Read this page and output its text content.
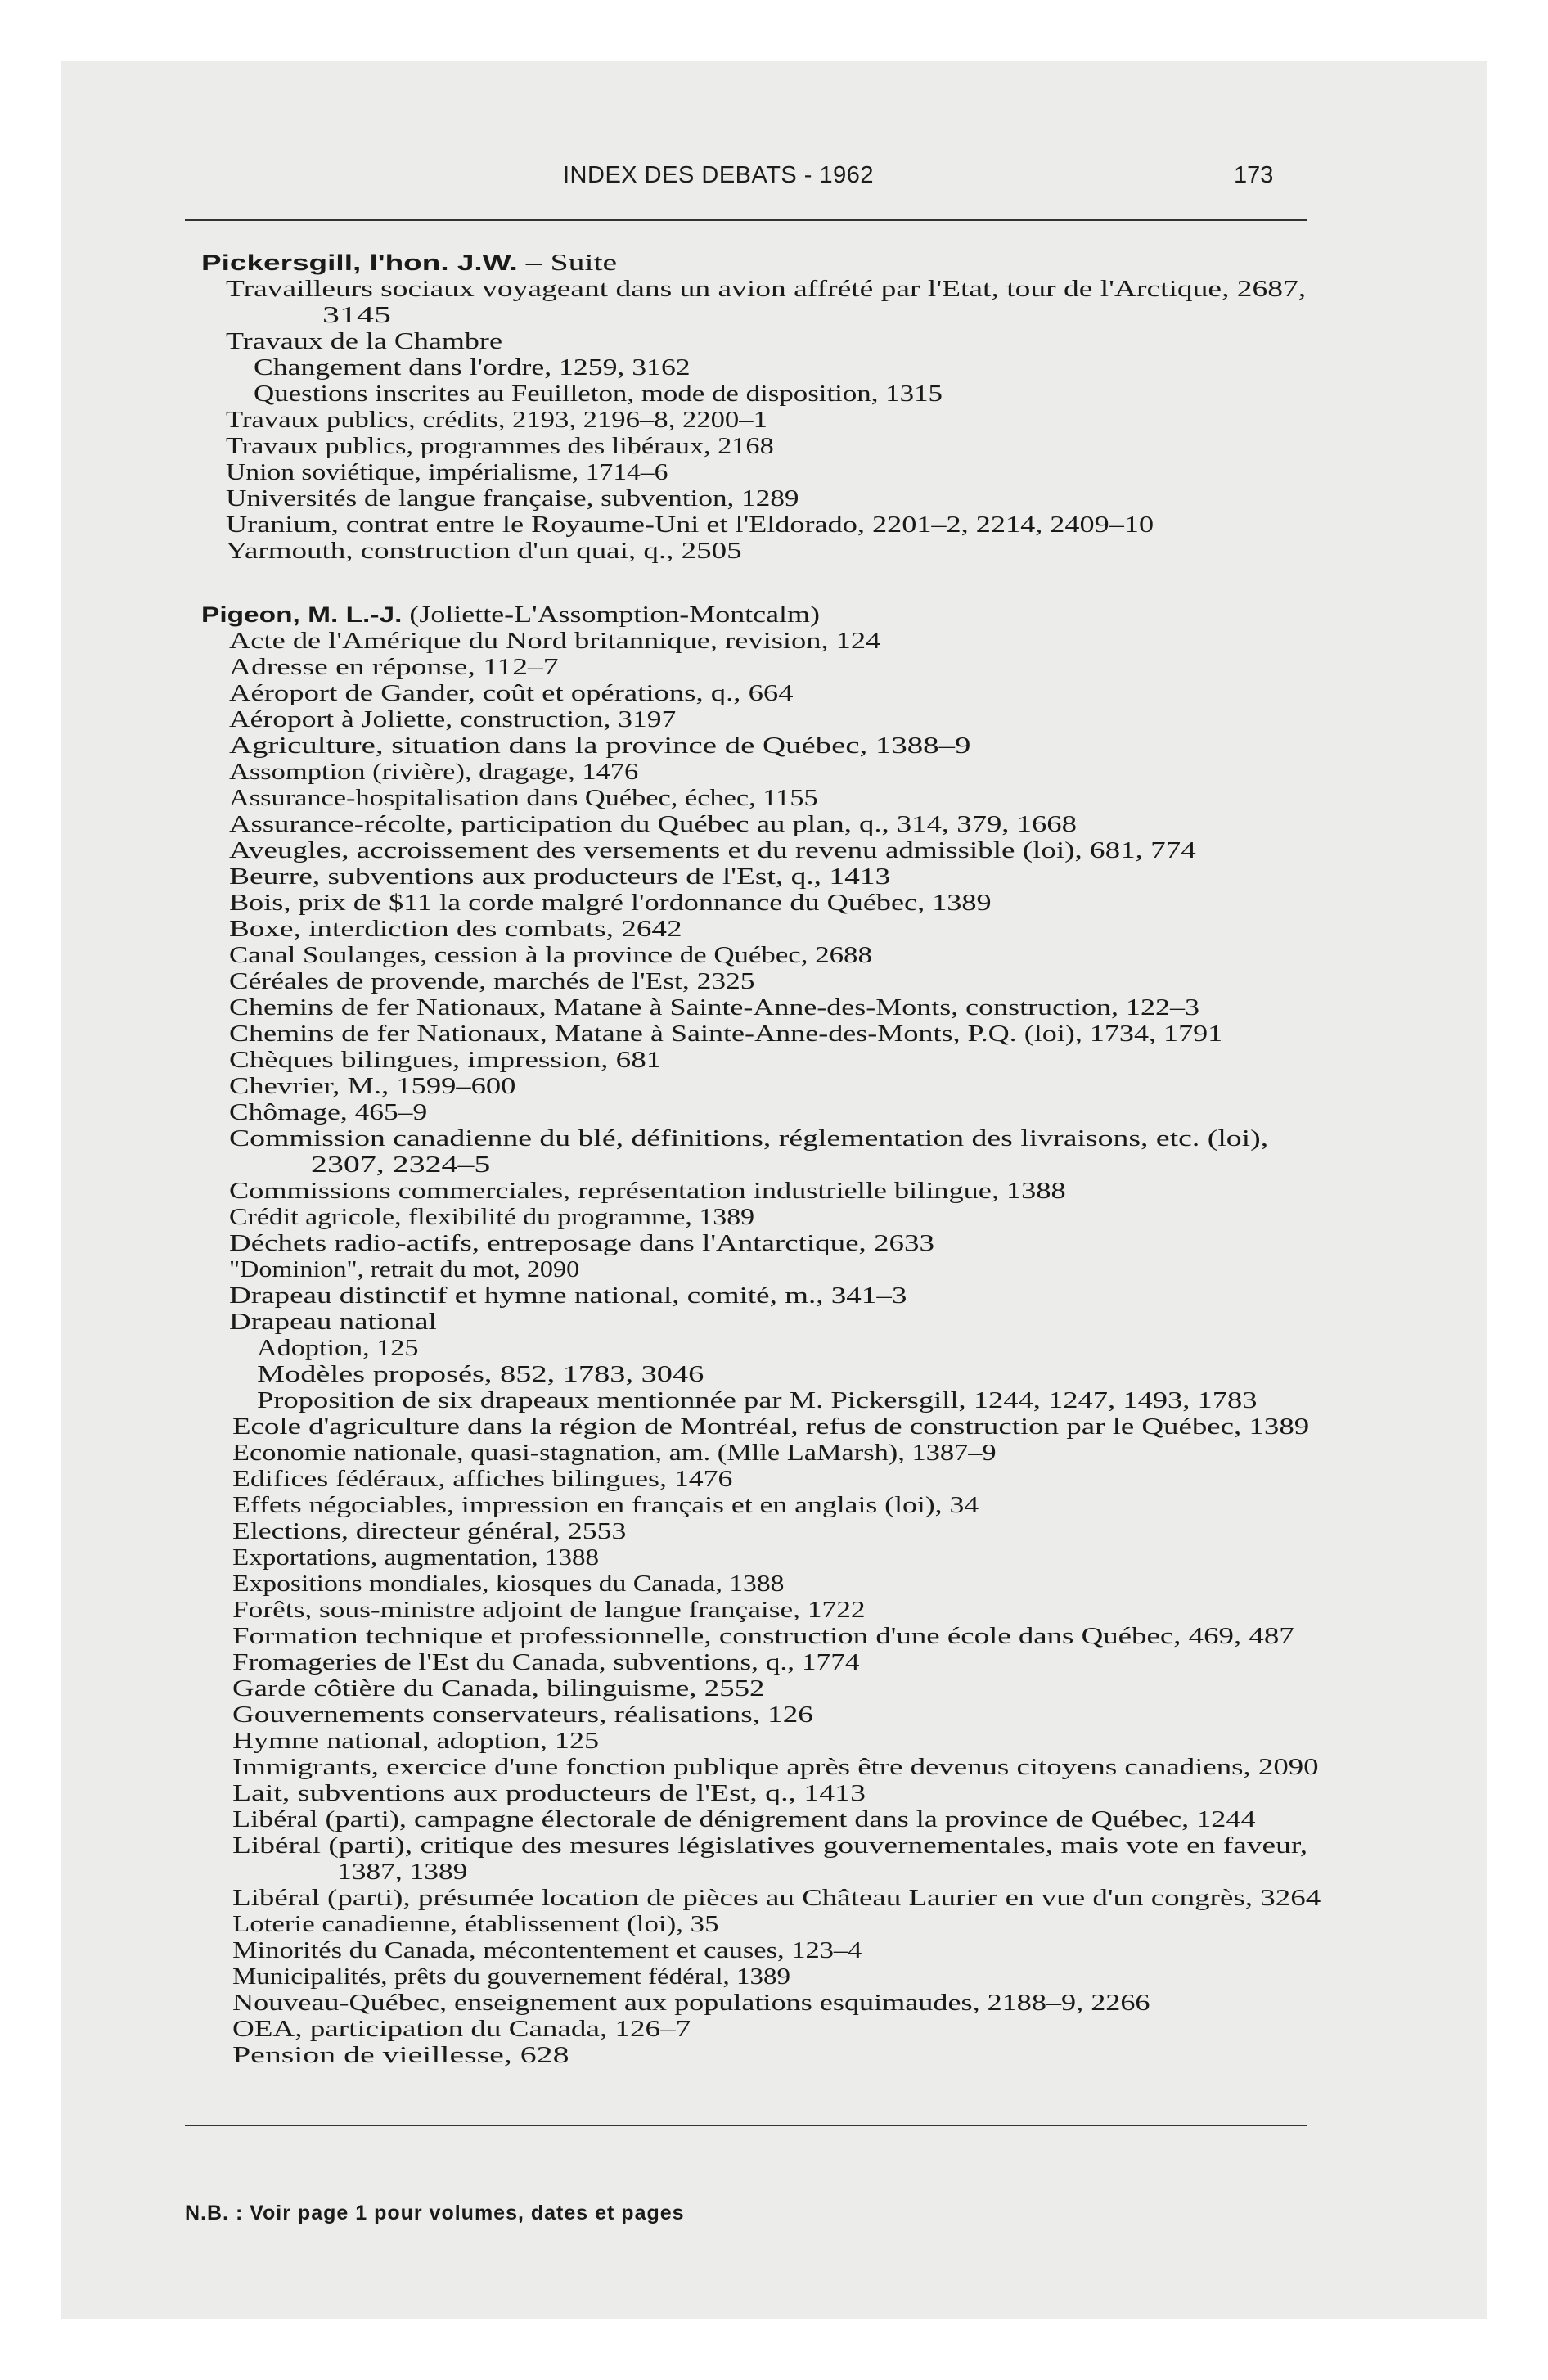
INDEX DES DEBATS - 1962	173
Pickersgill, l'hon. J.W. – Suite
Travailleurs sociaux voyageant dans un avion affrété par l'Etat, tour de l'Arctique, 2687,
3145
Travaux de la Chambre
Changement dans l'ordre, 1259, 3162
Questions inscrites au Feuilleton, mode de disposition, 1315
Travaux publics, crédits, 2193, 2196–8, 2200–1
Travaux publics, programmes des libéraux, 2168
Union soviétique, impérialisme, 1714–6
Universités de langue française, subvention, 1289
Uranium, contrat entre le Royaume-Uni et l'Eldorado, 2201–2, 2214, 2409–10
Yarmouth, construction d'un quai, q., 2505
Pigeon, M. L.-J. (Joliette-L'Assomption-Montcalm)
Acte de l'Amérique du Nord britannique, revision, 124
Adresse en réponse, 112–7
Aéroport de Gander, coût et opérations, q., 664
Aéroport à Joliette, construction, 3197
Agriculture, situation dans la province de Québec, 1388–9
Assomption (rivière), dragage, 1476
Assurance-hospitalisation dans Québec, échec, 1155
Assurance-récolte, participation du Québec au plan, q., 314, 379, 1668
Aveugles, accroissement des versements et du revenu admissible (loi), 681, 774
Beurre, subventions aux producteurs de l'Est, q., 1413
Bois, prix de $11 la corde malgré l'ordonnance du Québec, 1389
Boxe, interdiction des combats, 2642
Canal Soulanges, cession à la province de Québec, 2688
Céréales de provende, marchés de l'Est, 2325
Chemins de fer Nationaux, Matane à Sainte-Anne-des-Monts, construction, 122–3
Chemins de fer Nationaux, Matane à Sainte-Anne-des-Monts, P.Q. (loi), 1734, 1791
Chèques bilingues, impression, 681
Chevrier, M., 1599–600
Chômage, 465–9
Commission canadienne du blé, définitions, réglementation des livraisons, etc. (loi),
2307, 2324–5
Commissions commerciales, représentation industrielle bilingue, 1388
Crédit agricole, flexibilité du programme, 1389
Déchets radio-actifs, entreposage dans l'Antarctique, 2633
"Dominion", retrait du mot, 2090
Drapeau distinctif et hymne national, comité, m., 341–3
Drapeau national
Adoption, 125
Modèles proposés, 852, 1783, 3046
Proposition de six drapeaux mentionnée par M. Pickersgill, 1244, 1247, 1493, 1783
Ecole d'agriculture dans la région de Montréal, refus de construction par le Québec, 1389
Economie nationale, quasi-stagnation, am. (Mlle LaMarsh), 1387–9
Edifices fédéraux, affiches bilingues, 1476
Effets négociables, impression en français et en anglais (loi), 34
Elections, directeur général, 2553
Exportations, augmentation, 1388
Expositions mondiales, kiosques du Canada, 1388
Forêts, sous-ministre adjoint de langue française, 1722
Formation technique et professionnelle, construction d'une école dans Québec, 469, 487
Fromageries de l'Est du Canada, subventions, q., 1774
Garde côtière du Canada, bilinguisme, 2552
Gouvernements conservateurs, réalisations, 126
Hymne national, adoption, 125
Immigrants, exercice d'une fonction publique après être devenus citoyens canadiens, 2090
Lait, subventions aux producteurs de l'Est, q., 1413
Libéral (parti), campagne électorale de dénigrement dans la province de Québec, 1244
Libéral (parti), critique des mesures législatives gouvernementales, mais vote en faveur,
1387, 1389
Libéral (parti), présumée location de pièces au Château Laurier en vue d'un congrès, 3264
Loterie canadienne, établissement (loi), 35
Minorités du Canada, mécontentement et causes, 123–4
Municipalités, prêts du gouvernement fédéral, 1389
Nouveau-Québec, enseignement aux populations esquimaudes, 2188–9, 2266
OEA, participation du Canada, 126–7
Pension de vieillesse, 628
N.B. : Voir page 1 pour volumes, dates et pages
